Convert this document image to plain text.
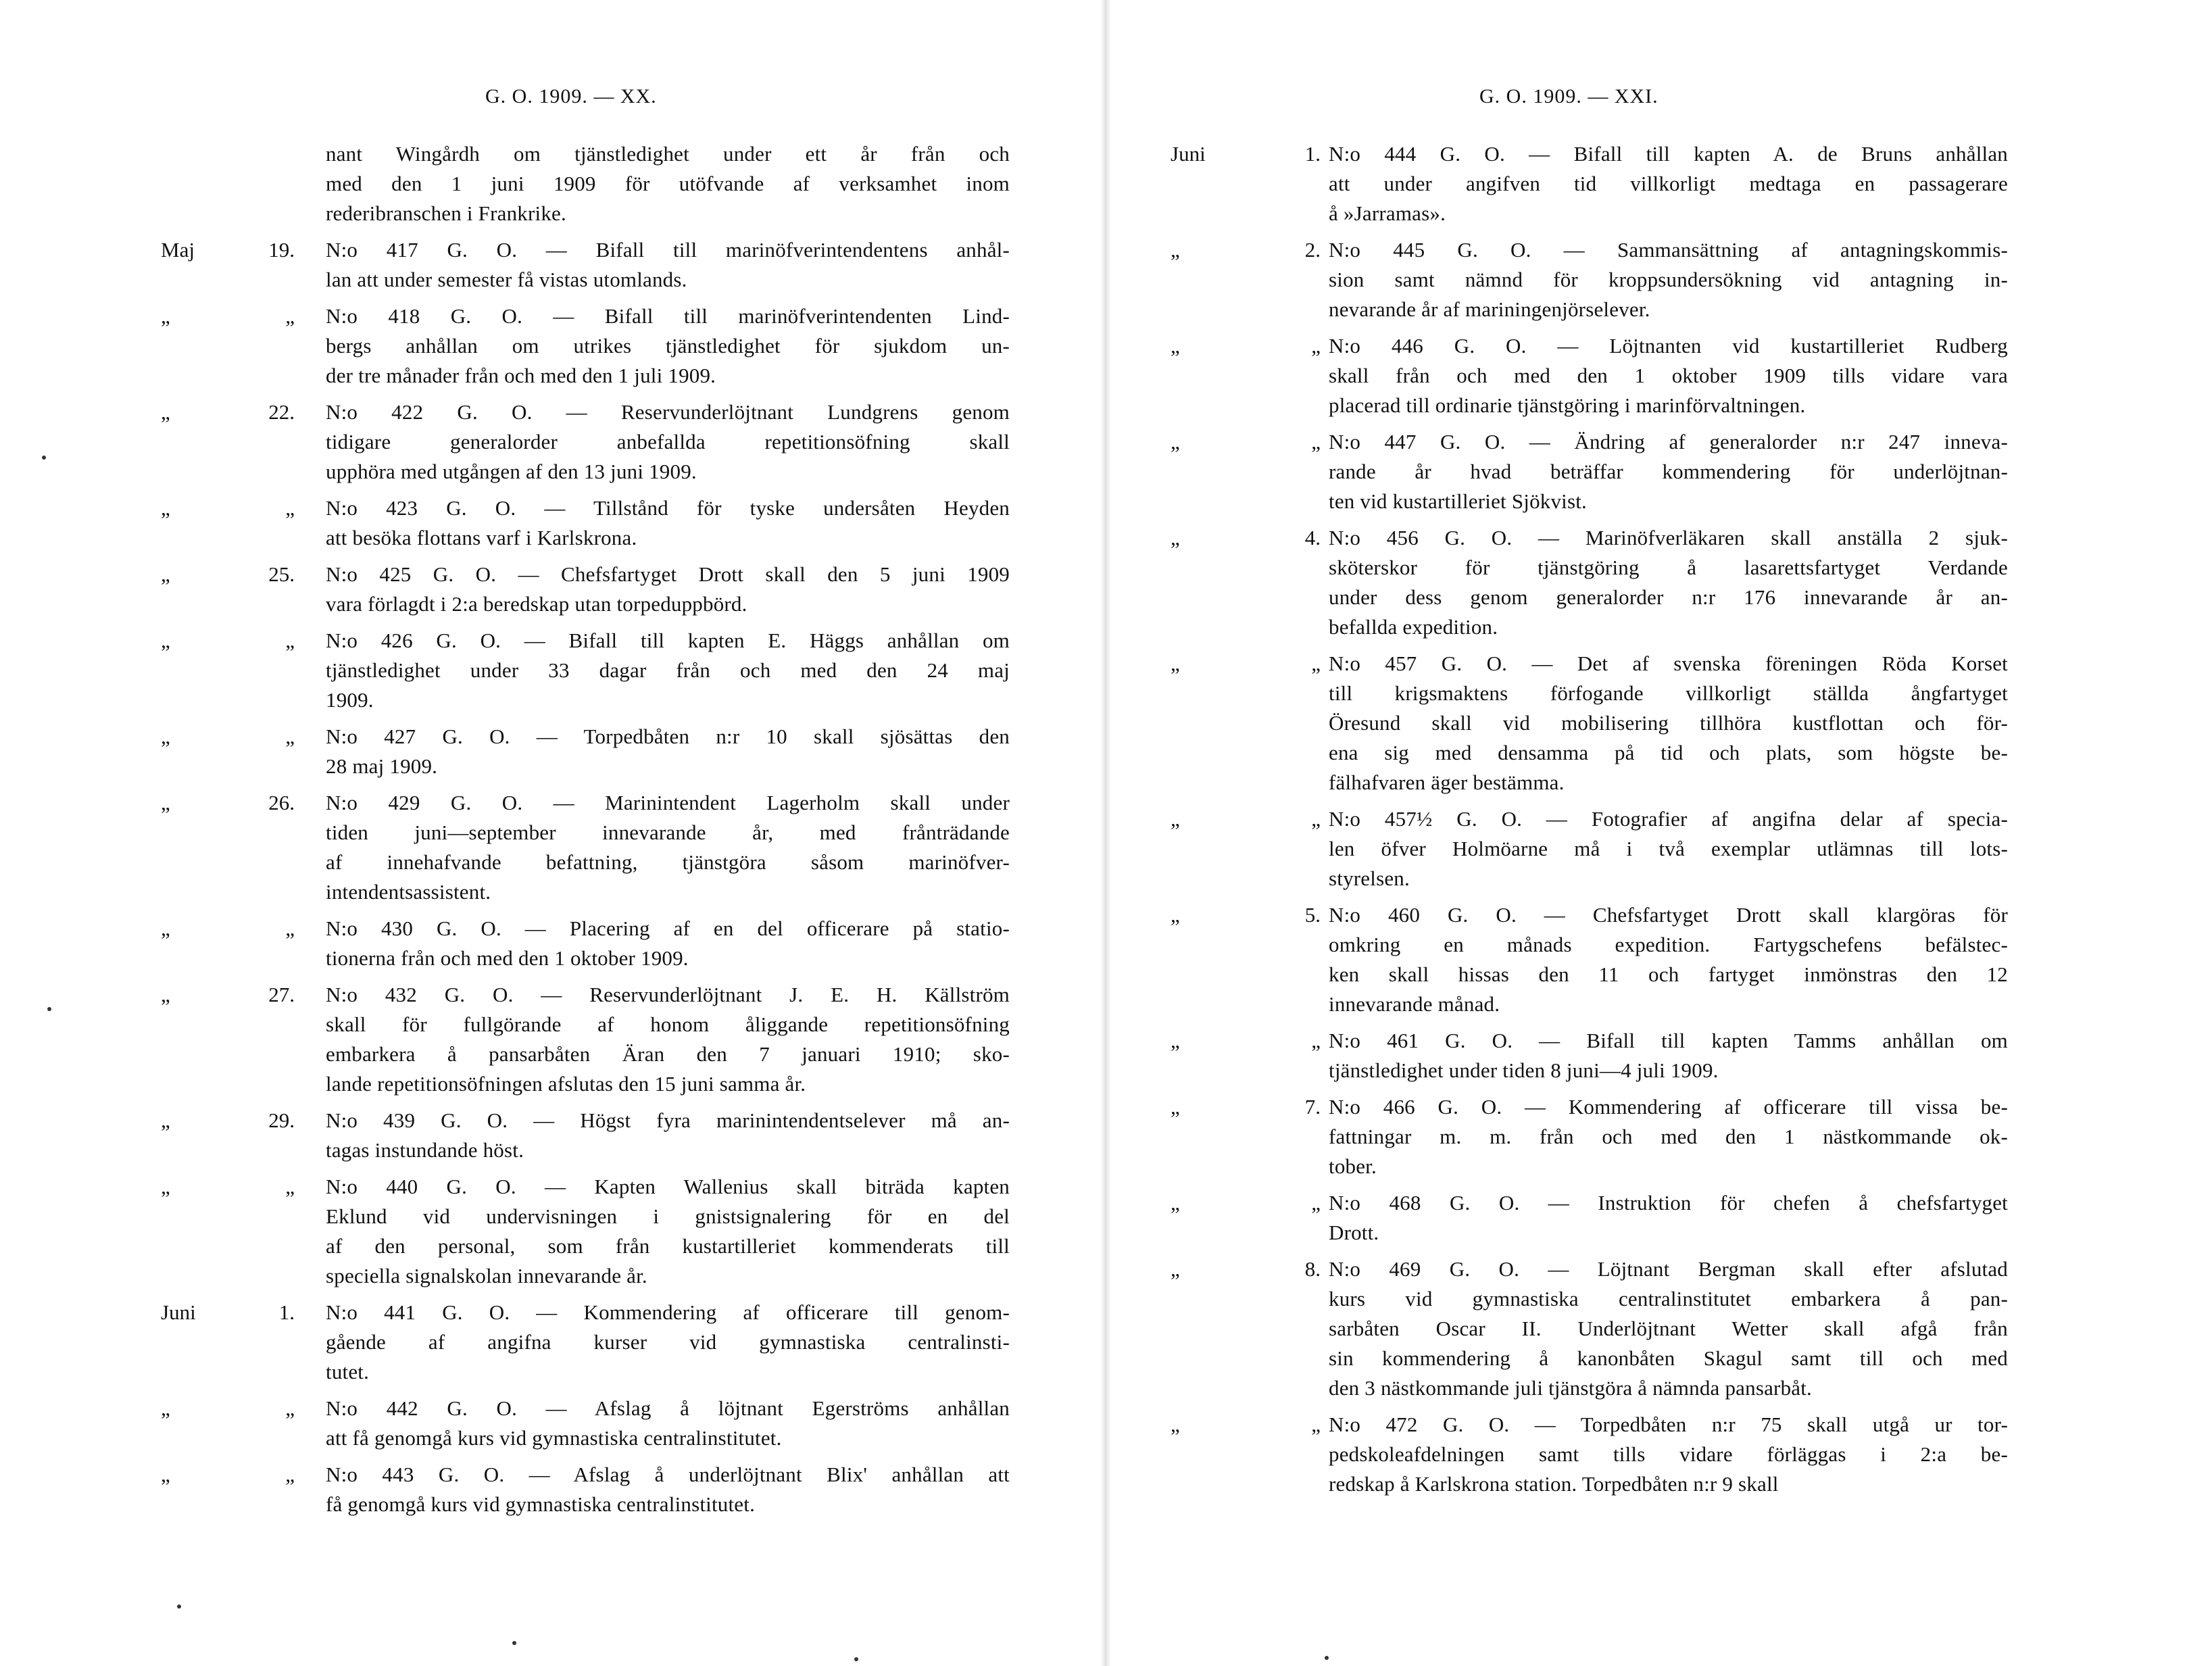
G. O. 1909. — XX.
nant Wingårdh om tjänstledighet under ett år från och
med den 1 juni 1909 för utöfvande af verksamhet inom
rederibranschen i Frankrike.
Maj	19. N:o 417 G. O. — Bifall till marinöfverintendentens anhål-
lan att under semester få vistas utomlands.
„	„ N:o 418 G. O. — Bifall till marinöfverintendenten Lind-
bergs anhållan om utrikes tjänstledighet för sjukdom un-
der tre månader från och med den 1 juli 1909.
„	22. N:o 422 G. O. — Reservunderlöjtnant Lundgrens genom
tidigare generalorder anbefallda repetitionsöfning skall
upphöra med utgången af den 13 juni 1909.
„	„ N:o 423 G. O. — Tillstånd för tyske undersåten Heyden
att besöka flottans varf i Karlskrona.
„	25. N:o 425 G. O. — Chefsfartyget Drott skall den 5 juni 1909
vara förlagdt i 2:a beredskap utan torpeduppbörd.
„	„ N:o 426 G. O. — Bifall till kapten E. Häggs anhållan om
tjänstledighet under 33 dagar från och med den 24 maj
1909.
„	„ N:o 427 G. O. — Torpedbåten n:r 10 skall sjösättas den
28 maj 1909.
„	26. N:o 429 G. O. — Marinintendent Lagerholm skall under
tiden juni—september innevarande år, med frånträdande
af innehafvande befattning, tjänstgöra såsom marinöfver-
intendentsassistent.
„	„ N:o 430 G. O. — Placering af en del officerare på statio-
tionerna från och med den 1 oktober 1909.
„	27. N:o 432 G. O. — Reservunderlöjtnant J. E. H. Källström
skall för fullgörande af honom åliggande repetitionsöfning
embarkera å pansarbåten Äran den 7 januari 1910; sko-
lande repetitionsöfningen afslutas den 15 juni samma år.
„	29. N:o 439 G. O. — Högst fyra marinintendentselever må an-
tagas instundande höst.
„	„ N:o 440 G. O. — Kapten Wallenius skall biträda kapten
Eklund vid undervisningen i gnistsignalering för en del
af den personal, som från kustartilleriet kommenderats till
speciella signalskolan innevarande år.
Juni	1. N:o 441 G. O. — Kommendering af officerare till genom-
gående af angifna kurser vid gymnastiska centralinsti-
tutet.
„	„ N:o 442 G. O. — Afslag å löjtnant Egerströms anhållan
att få genomgå kurs vid gymnastiska centralinstitutet.
„	„ N:o 443 G. O. — Afslag å underlöjtnant Blix' anhållan att
få genomgå kurs vid gymnastiska centralinstitutet.
G. O. 1909. — XXI.
Juni	1. N:o 444 G. O. — Bifall till kapten A. de Bruns anhållan
att under angifven tid villkorligt medtaga en passagerare
å »Jarramas».
„	2. N:o 445 G. O. — Sammansättning af antagningskommis-
sion samt nämnd för kroppsundersökning vid antagning in-
nevarande år af mariningenjörselever.
„	„ N:o 446 G. O. — Löjtnanten vid kustartilleriet Rudberg
skall från och med den 1 oktober 1909 tills vidare vara
placerad till ordinarie tjänstgöring i marinförvaltningen.
„	„ N:o 447 G. O. — Ändring af generalorder n:r 247 inneva-
rande år hvad beträffar kommendering för underlöjtnan-
ten vid kustartilleriet Sjökvist.
„	4. N:o 456 G. O. — Marinöfverläkaren skall anställa 2 sjuk-
sköterskor för tjänstgöring å lasarettsfartyget Verdande
under dess genom generalorder n:r 176 innevarande år an-
befallda expedition.
„	„ N:o 457 G. O. — Det af svenska föreningen Röda Korset
till krigsmaktens förfogande villkorligt ställda ångfartyget
Öresund skall vid mobilisering tillhöra kustflottan och för-
ena sig med densamma på tid och plats, som högste be-
fälhafvaren äger bestämma.
„	„ N:o 457½ G. O. — Fotografier af angifna delar af specia-
len öfver Holmöarne må i två exemplar utlämnas till lots-
styrelsen.
„	5. N:o 460 G. O. — Chefsfartyget Drott skall klargöras för
omkring en månads expedition. Fartygschefens befälstec-
ken skall hissas den 11 och fartyget inmönstras den 12
innevarande månad.
„	„ N:o 461 G. O. — Bifall till kapten Tamms anhållan om
tjänstledighet under tiden 8 juni—4 juli 1909.
„	7. N:o 466 G. O. — Kommendering af officerare till vissa be-
fattningar m. m. från och med den 1 nästkommande ok-
tober.
„	„ N:o 468 G. O. — Instruktion för chefen å chefsfartyget
Drott.
„	8. N:o 469 G. O. — Löjtnant Bergman skall efter afslutad
kurs vid gymnastiska centralinstitutet embarkera å pan-
sarbåten Oscar II. Underlöjtnant Wetter skall afgå från
sin kommendering å kanonbåten Skagul samt till och med
den 3 nästkommande juli tjänstgöra å nämnda pansarbåt.
„	„ N:o 472 G. O. — Torpedbåten n:r 75 skall utgå ur tor-
pedskoleafdelningen samt tills vidare förläggas i 2:a be-
redskap å Karlskrona station. Torpedbåten n:r 9 skall
